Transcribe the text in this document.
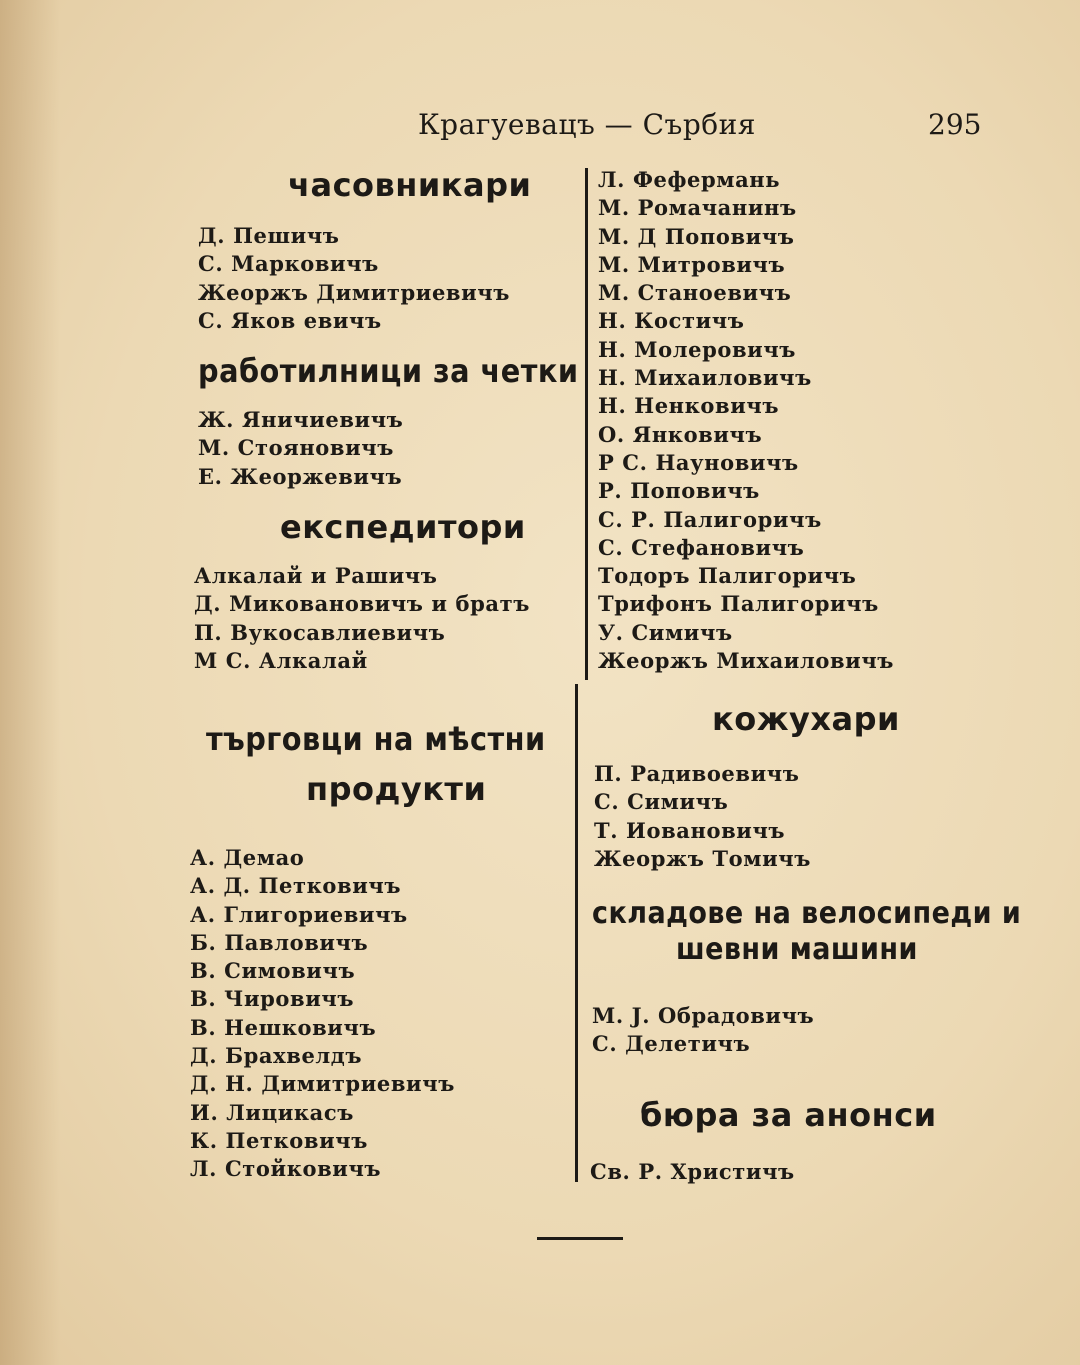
Крагуевацъ — Сърбия	295
часовникари
Д. Пешичъ
С. Марковичъ
Жеоржъ Димитриевичъ
С. Яков евичъ
работилници за четки
Ж. Яничиевичъ
М. Стояновичъ
Е. Жеоржевичъ
експедитори
Алкалай и Рашичъ
Д. Миковановичъ и братъ
П. Вукосавлиевичъ
М С. Алкалай
търговци на мѣстни
продукти
А. Демао
А. Д. Петковичъ
А. Глигориевичъ
Б. Павловичъ
В. Симовичъ
В. Чировичъ
В. Нешковичъ
Д. Брахвелдъ
Д. Н. Димитриевичъ
И. Лицикасъ
К. Петковичъ
Л. Стойковичъ
Л. Фефермань
М. Ромачанинъ
М. Д Поповичъ
М. Митровичъ
М. Станоевичъ
Н. Костичъ
Н. Молеровичъ
Н. Михаиловичъ
Н. Ненковичъ
О. Янковичъ
Р С. Науновичъ
Р. Поповичъ
С. Р. Палигоричъ
С. Стефановичъ
Тодоръ Палигоричъ
Трифонъ Палигоричъ
У. Симичъ
Жеоржъ Михаиловичъ
кожухари
П. Радивоевичъ
С. Симичъ
Т. Иовановичъ
Жеоржъ Томичъ
складове на велосипеди и
шевни машини
М. Ј. Обрадовичъ
С. Делетичъ
бюра за анонси
Св. Р. Христичъ
